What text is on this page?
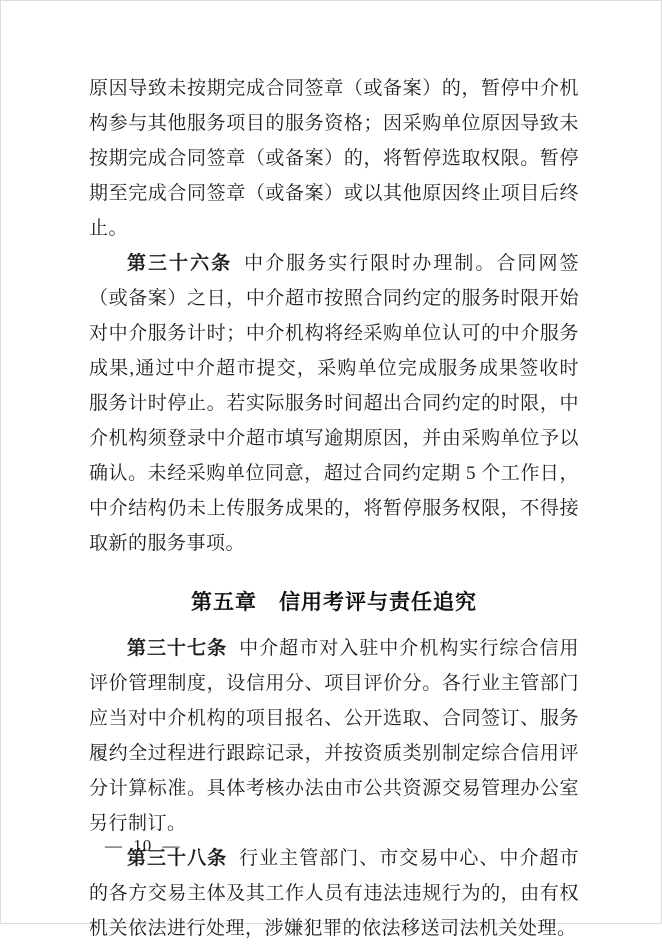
原因导致未按期完成合同签章（或备案）的，暂停中介机构参与其他服务项目的服务资格；因采购单位原因导致未按期完成合同签章（或备案）的，将暂停选取权限。暂停期至完成合同签章（或备案）或以其他原因终止项目后终止。

第三十六条 中介服务实行限时办理制。合同网签（或备案）之日，中介超市按照合同约定的服务时限开始对中介服务计时；中介机构将经采购单位认可的中介服务成果,通过中介超市提交，采购单位完成服务成果签收时服务计时停止。若实际服务时间超出合同约定的时限，中介机构须登录中介超市填写逾期原因，并由采购单位予以确认。未经采购单位同意，超过合同约定期 5 个工作日，中介结构仍未上传服务成果的，将暂停服务权限，不得接取新的服务事项。

第五章　信用考评与责任追究

第三十七条 中介超市对入驻中介机构实行综合信用评价管理制度，设信用分、项目评价分。各行业主管部门应当对中介机构的项目报名、公开选取、合同签订、服务履约全过程进行跟踪记录，并按资质类别制定综合信用评分计算标准。具体考核办法由市公共资源交易管理办公室另行制订。

第三十八条 行业主管部门、市交易中心、中介超市的各方交易主体及其工作人员有违法违规行为的，由有权机关依法进行处理，涉嫌犯罪的依法移送司法机关处理。

— 10 —
